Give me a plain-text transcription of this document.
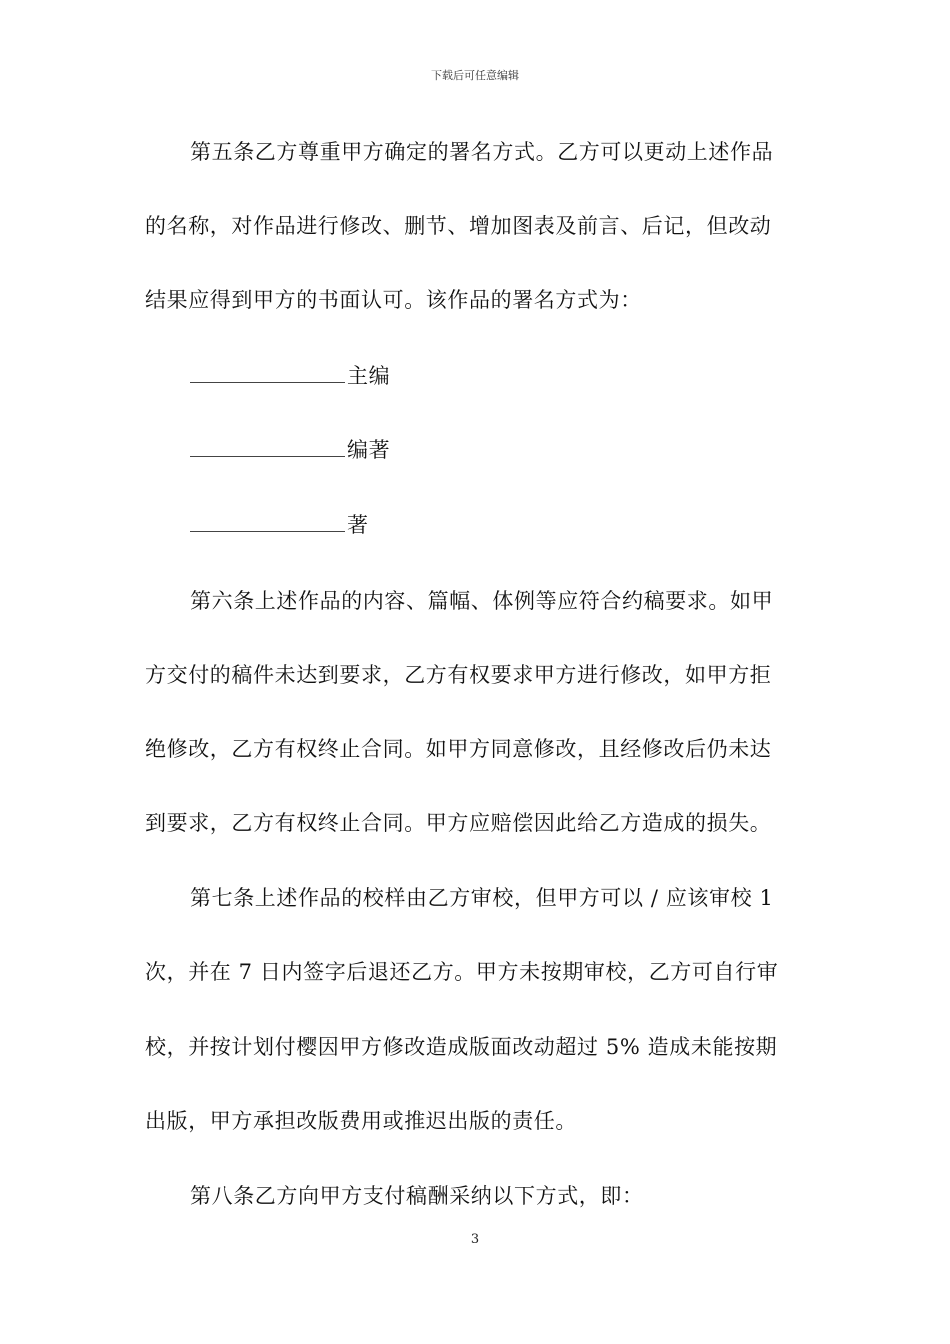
下载后可任意编辑
第五条乙方尊重甲方确定的署名方式。乙方可以更动上述作品
的名称，对作品进行修改、删节、增加图表及前言、后记，但改动
结果应得到甲方的书面认可。该作品的署名方式为：
主编
编著
著
第六条上述作品的内容、篇幅、体例等应符合约稿要求。如甲
方交付的稿件未达到要求，乙方有权要求甲方进行修改，如甲方拒
绝修改，乙方有权终止合同。如甲方同意修改，且经修改后仍未达
到要求，乙方有权终止合同。甲方应赔偿因此给乙方造成的损失。
第七条上述作品的校样由乙方审校，但甲方可以 / 应该审校 1
次，并在 7 日内签字后退还乙方。甲方未按期审校，乙方可自行审
校，并按计划付樱因甲方修改造成版面改动超过 5% 造成未能按期
出版，甲方承担改版费用或推迟出版的责任。
第八条乙方向甲方支付稿酬采纳以下方式，即：
3
